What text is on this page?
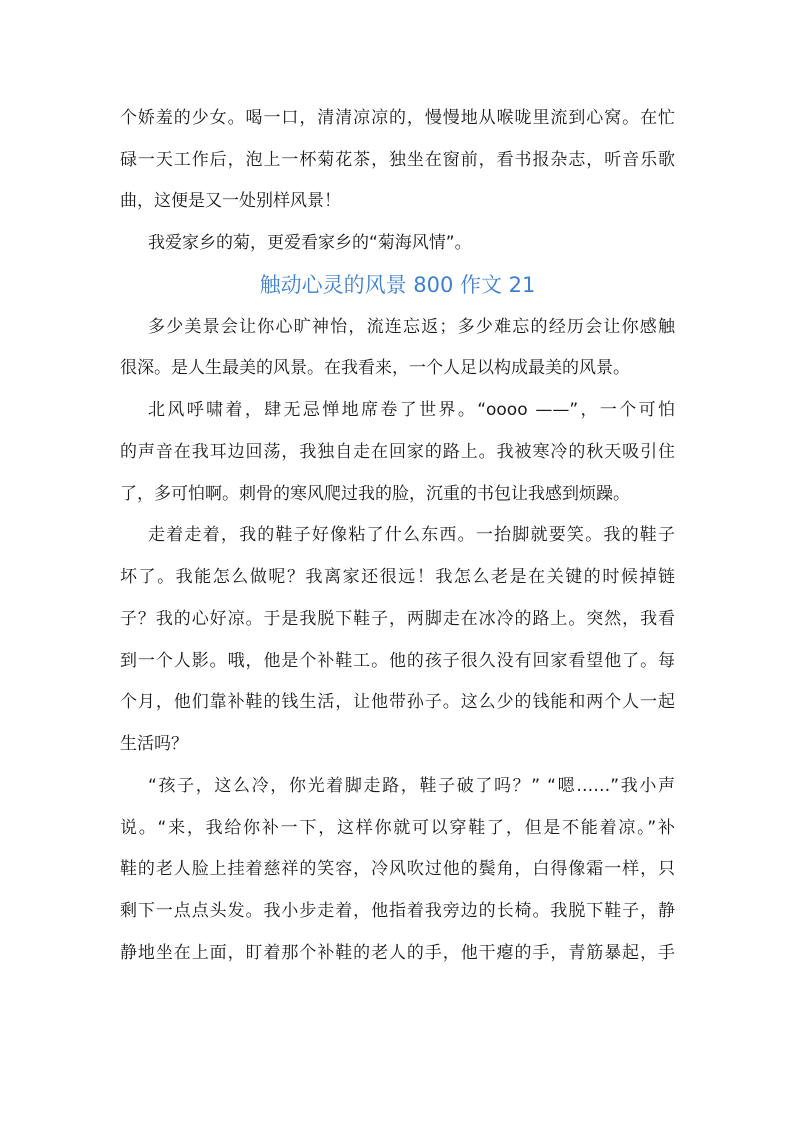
个娇羞的少女。喝一口，清清凉凉的，慢慢地从喉咙里流到心窝。在忙
碌一天工作后，泡上一杯菊花茶，独坐在窗前，看书报杂志，听音乐歌
曲，这便是又一处别样风景！
我爱家乡的菊，更爱看家乡的“菊海风情”。
触动心灵的风景 800 作文 21
多少美景会让你心旷神怡，流连忘返；多少难忘的经历会让你感触
很深。是人生最美的风景。在我看来，一个人足以构成最美的风景。
北风呼啸着，肆无忌惮地席卷了世界。“oooo ——”，一个可怕
的声音在我耳边回荡，我独自走在回家的路上。我被寒冷的秋天吸引住
了，多可怕啊。刺骨的寒风爬过我的脸，沉重的书包让我感到烦躁。
走着走着，我的鞋子好像粘了什么东西。一抬脚就要笑。我的鞋子
坏了。我能怎么做呢？我离家还很远！我怎么老是在关键的时候掉链
子？我的心好凉。于是我脱下鞋子，两脚走在冰冷的路上。突然，我看
到一个人影。哦，他是个补鞋工。他的孩子很久没有回家看望他了。每
个月，他们靠补鞋的钱生活，让他带孙子。这么少的钱能和两个人一起
生活吗？
“孩子，这么冷，你光着脚走路，鞋子破了吗？” “嗯……”我小声
说。“来，我给你补一下，这样你就可以穿鞋了，但是不能着凉。”补
鞋的老人脸上挂着慈祥的笑容，冷风吹过他的鬓角，白得像霜一样，只
剩下一点点头发。我小步走着，他指着我旁边的长椅。我脱下鞋子，静
静地坐在上面，盯着那个补鞋的老人的手，他干瘪的手，青筋暴起，手
